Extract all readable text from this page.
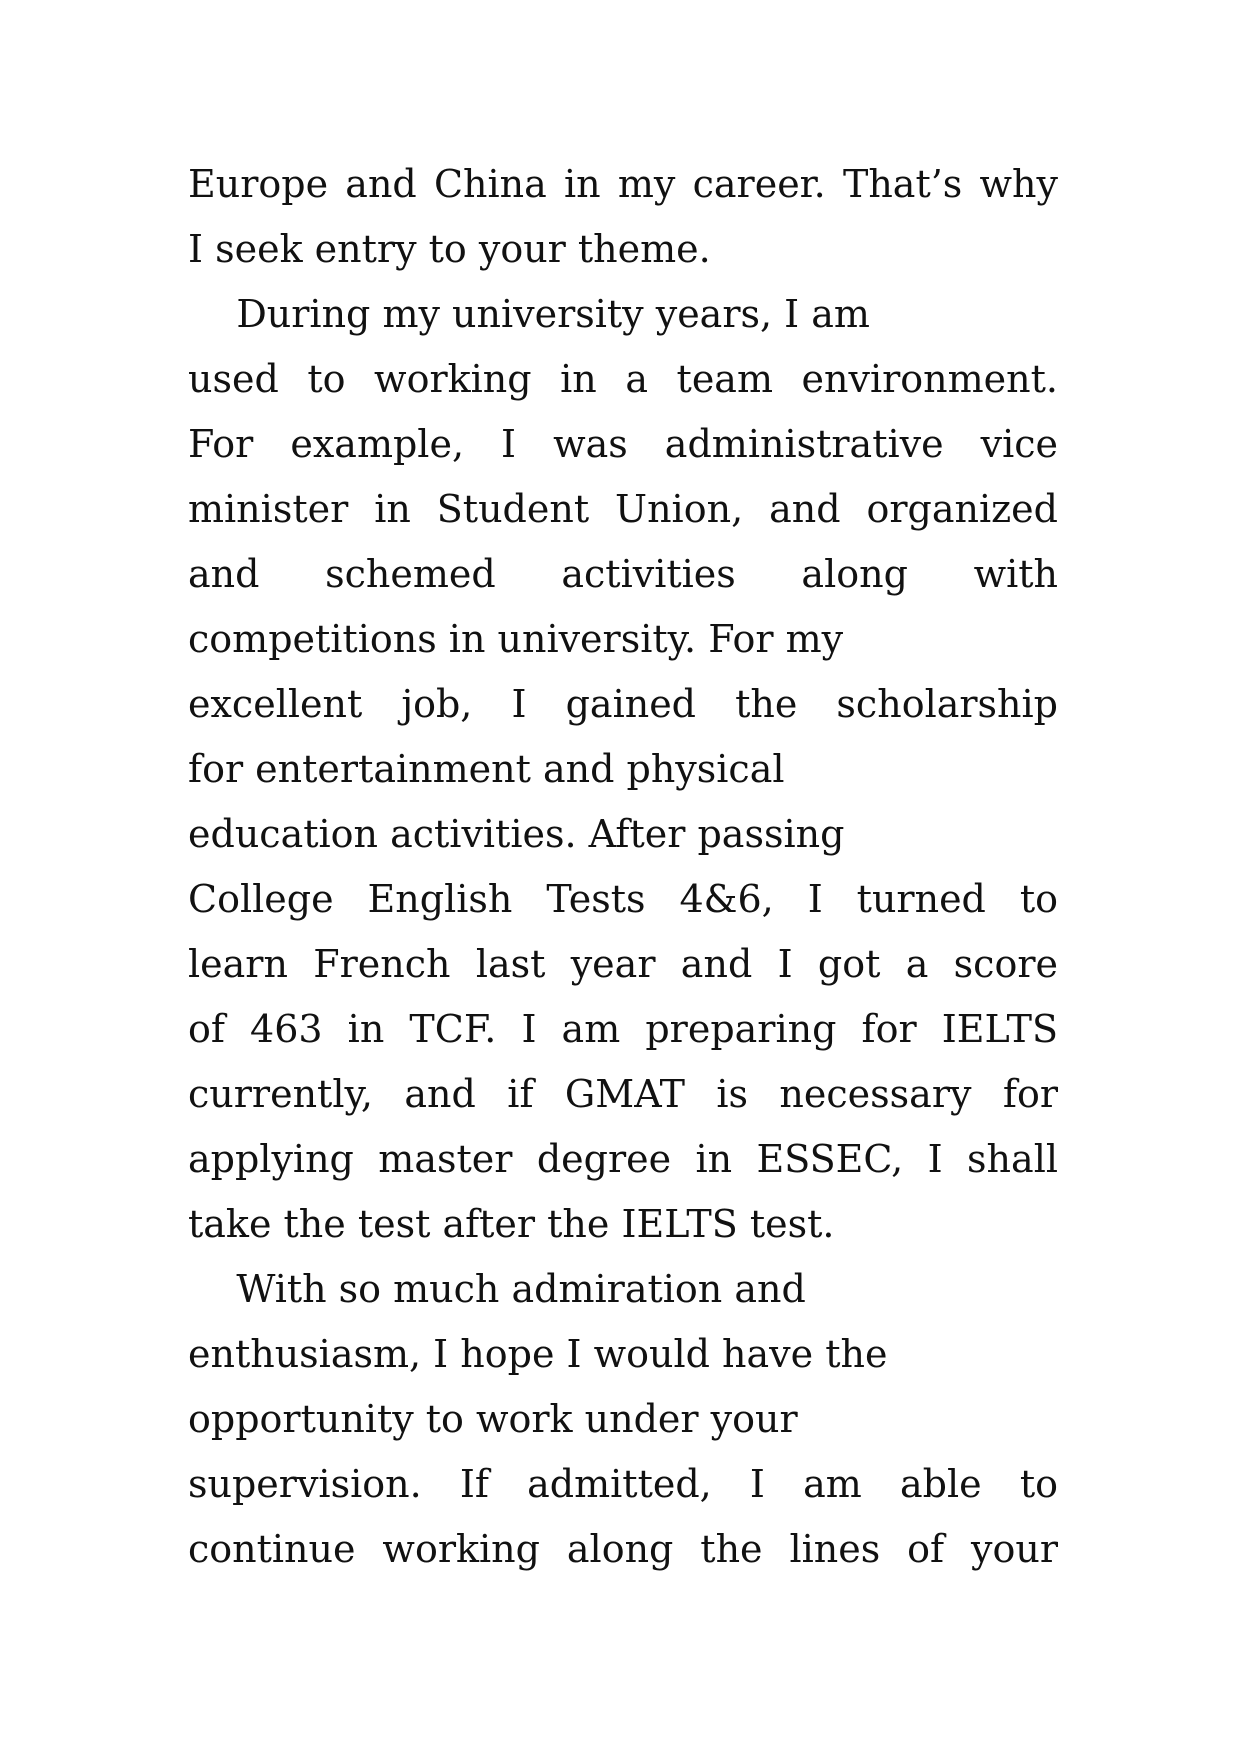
Europe and China in my career. That’s why
I seek entry to your theme.
During my university years, I am
used to working in a team environment.
For example, I was administrative vice
minister in Student Union, and organized
and schemed activities along with
competitions in university. For my
excellent job, I gained the scholarship
for entertainment and physical
education activities. After passing
College English Tests 4&6, I turned to
learn French last year and I got a score
of 463 in TCF. I am preparing for IELTS
currently, and if GMAT is necessary for
applying master degree in ESSEC, I shall
take the test after the IELTS test.
With so much admiration and
enthusiasm, I hope I would have the
opportunity to work under your
supervision. If admitted, I am able to
continue working along the lines of your
